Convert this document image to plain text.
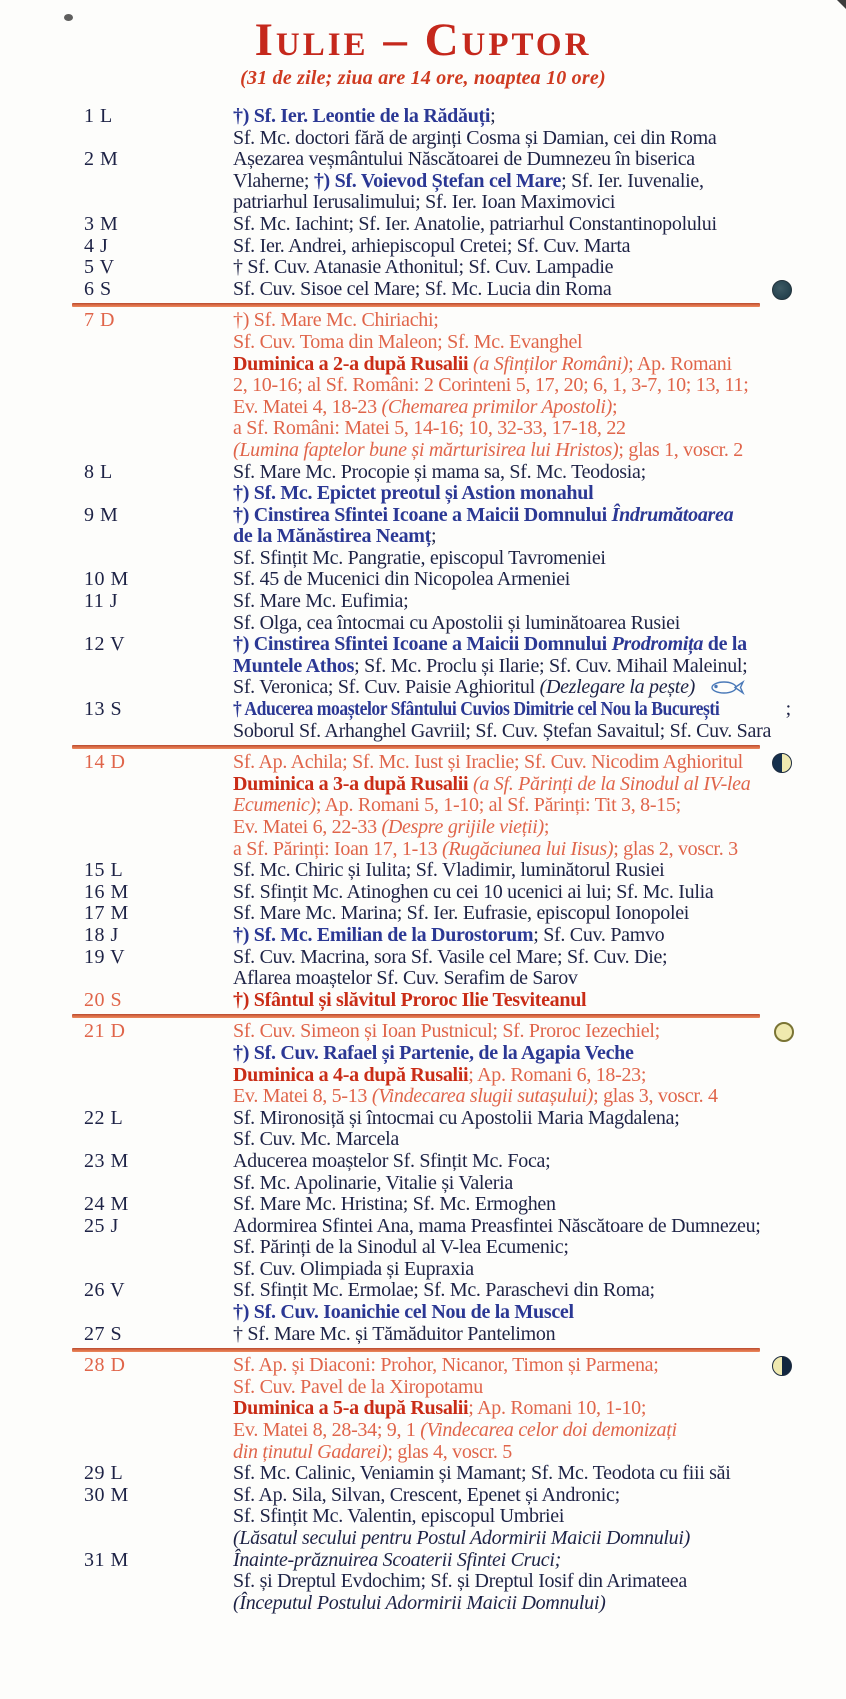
Iulie – Cuptor
(31 de zile; ziua are 14 ore, noaptea 10 ore)
1 L	†) Sf. Ier. Leontie de la Rădăuți;
Sf. Mc. doctori fără de arginți Cosma și Damian, cei din Roma
2 M	Așezarea veșmântului Născătoarei de Dumnezeu în biserica
Vlaherne; †) Sf. Voievod Ștefan cel Mare; Sf. Ier. Iuvenalie,
patriarhul Ierusalimului; Sf. Ier. Ioan Maximovici
3 M	Sf. Mc. Iachint; Sf. Ier. Anatolie, patriarhul Constantinopolului
4 J	Sf. Ier. Andrei, arhiepiscopul Cretei; Sf. Cuv. Marta
5 V	† Sf. Cuv. Atanasie Athonitul; Sf. Cuv. Lampadie
6 S	Sf. Cuv. Sisoe cel Mare; Sf. Mc. Lucia din Roma
7 D	†) Sf. Mare Mc. Chiriachi;
Sf. Cuv. Toma din Maleon; Sf. Mc. Evanghel
Duminica a 2-a după Rusalii (a Sfinților Români); Ap. Romani
2, 10-16; al Sf. Români: 2 Corinteni 5, 17, 20; 6, 1, 3-7, 10; 13, 11;
Ev. Matei 4, 18-23 (Chemarea primilor Apostoli);
a Sf. Români: Matei 5, 14-16; 10, 32-33, 17-18, 22
(Lumina faptelor bune și mărturisirea lui Hristos); glas 1, voscr. 2
8 L	Sf. Mare Mc. Procopie și mama sa, Sf. Mc. Teodosia;
†) Sf. Mc. Epictet preotul și Astion monahul
9 M	†) Cinstirea Sfintei Icoane a Maicii Domnului Îndrumătoarea
de la Mănăstirea Neamț;
Sf. Sfințit Mc. Pangratie, episcopul Tavromeniei
10 M	Sf. 45 de Mucenici din Nicopolea Armeniei
11 J	Sf. Mare Mc. Eufimia;
Sf. Olga, cea întocmai cu Apostolii și luminătoarea Rusiei
12 V	†) Cinstirea Sfintei Icoane a Maicii Domnului Prodromița de la
Muntele Athos; Sf. Mc. Proclu și Ilarie; Sf. Cuv. Mihail Maleinul;
Sf. Veronica; Sf. Cuv. Paisie Aghioritul (Dezlegare la pește)
13 S	† Aducerea moaștelor Sfântului Cuvios Dimitrie cel Nou la București	;
Soborul Sf. Arhanghel Gavriil; Sf. Cuv. Ștefan Savaitul; Sf. Cuv. Sara
14 D	Sf. Ap. Achila; Sf. Mc. Iust și Iraclie; Sf. Cuv. Nicodim Aghioritul
Duminica a 3-a după Rusalii (a Sf. Părinți de la Sinodul al IV-lea
Ecumenic); Ap. Romani 5, 1-10; al Sf. Părinți: Tit 3, 8-15;
Ev. Matei 6, 22-33 (Despre grijile vieții);
a Sf. Părinți: Ioan 17, 1-13 (Rugăciunea lui Iisus); glas 2, voscr. 3
15 L	Sf. Mc. Chiric și Iulita; Sf. Vladimir, luminătorul Rusiei
16 M	Sf. Sfințit Mc. Atinoghen cu cei 10 ucenici ai lui; Sf. Mc. Iulia
17 M	Sf. Mare Mc. Marina; Sf. Ier. Eufrasie, episcopul Ionopolei
18 J	†) Sf. Mc. Emilian de la Durostorum; Sf. Cuv. Pamvo
19 V	Sf. Cuv. Macrina, sora Sf. Vasile cel Mare; Sf. Cuv. Die;
Aflarea moaștelor Sf. Cuv. Serafim de Sarov
20 S	†) Sfântul și slăvitul Proroc Ilie Tesviteanul
21 D	Sf. Cuv. Simeon și Ioan Pustnicul; Sf. Proroc Iezechiel;
†) Sf. Cuv. Rafael și Partenie, de la Agapia Veche
Duminica a 4-a după Rusalii; Ap. Romani 6, 18-23;
Ev. Matei 8, 5-13 (Vindecarea slugii sutașului); glas 3, voscr. 4
22 L	Sf. Mironosiță și întocmai cu Apostolii Maria Magdalena;
Sf. Cuv. Mc. Marcela
23 M	Aducerea moaștelor Sf. Sfințit Mc. Foca;
Sf. Mc. Apolinarie, Vitalie și Valeria
24 M	Sf. Mare Mc. Hristina; Sf. Mc. Ermoghen
25 J	Adormirea Sfintei Ana, mama Preasfintei Născătoare de Dumnezeu;
Sf. Părinți de la Sinodul al V-lea Ecumenic;
Sf. Cuv. Olimpiada și Eupraxia
26 V	Sf. Sfințit Mc. Ermolae; Sf. Mc. Paraschevi din Roma;
†) Sf. Cuv. Ioanichie cel Nou de la Muscel
27 S	† Sf. Mare Mc. și Tămăduitor Pantelimon
28 D	Sf. Ap. și Diaconi: Prohor, Nicanor, Timon și Parmena;
Sf. Cuv. Pavel de la Xiropotamu
Duminica a 5-a după Rusalii; Ap. Romani 10, 1-10;
Ev. Matei 8, 28-34; 9, 1 (Vindecarea celor doi demonizați
din ținutul Gadarei); glas 4, voscr. 5
29 L	Sf. Mc. Calinic, Veniamin și Mamant; Sf. Mc. Teodota cu fiii săi
30 M	Sf. Ap. Sila, Silvan, Crescent, Epenet și Andronic;
Sf. Sfințit Mc. Valentin, episcopul Umbriei
(Lăsatul secului pentru Postul Adormirii Maicii Domnului)
31 M	Înainte-prăznuirea Scoaterii Sfintei Cruci;
Sf. și Dreptul Evdochim; Sf. și Dreptul Iosif din Arimateea
(Începutul Postului Adormirii Maicii Domnului)
